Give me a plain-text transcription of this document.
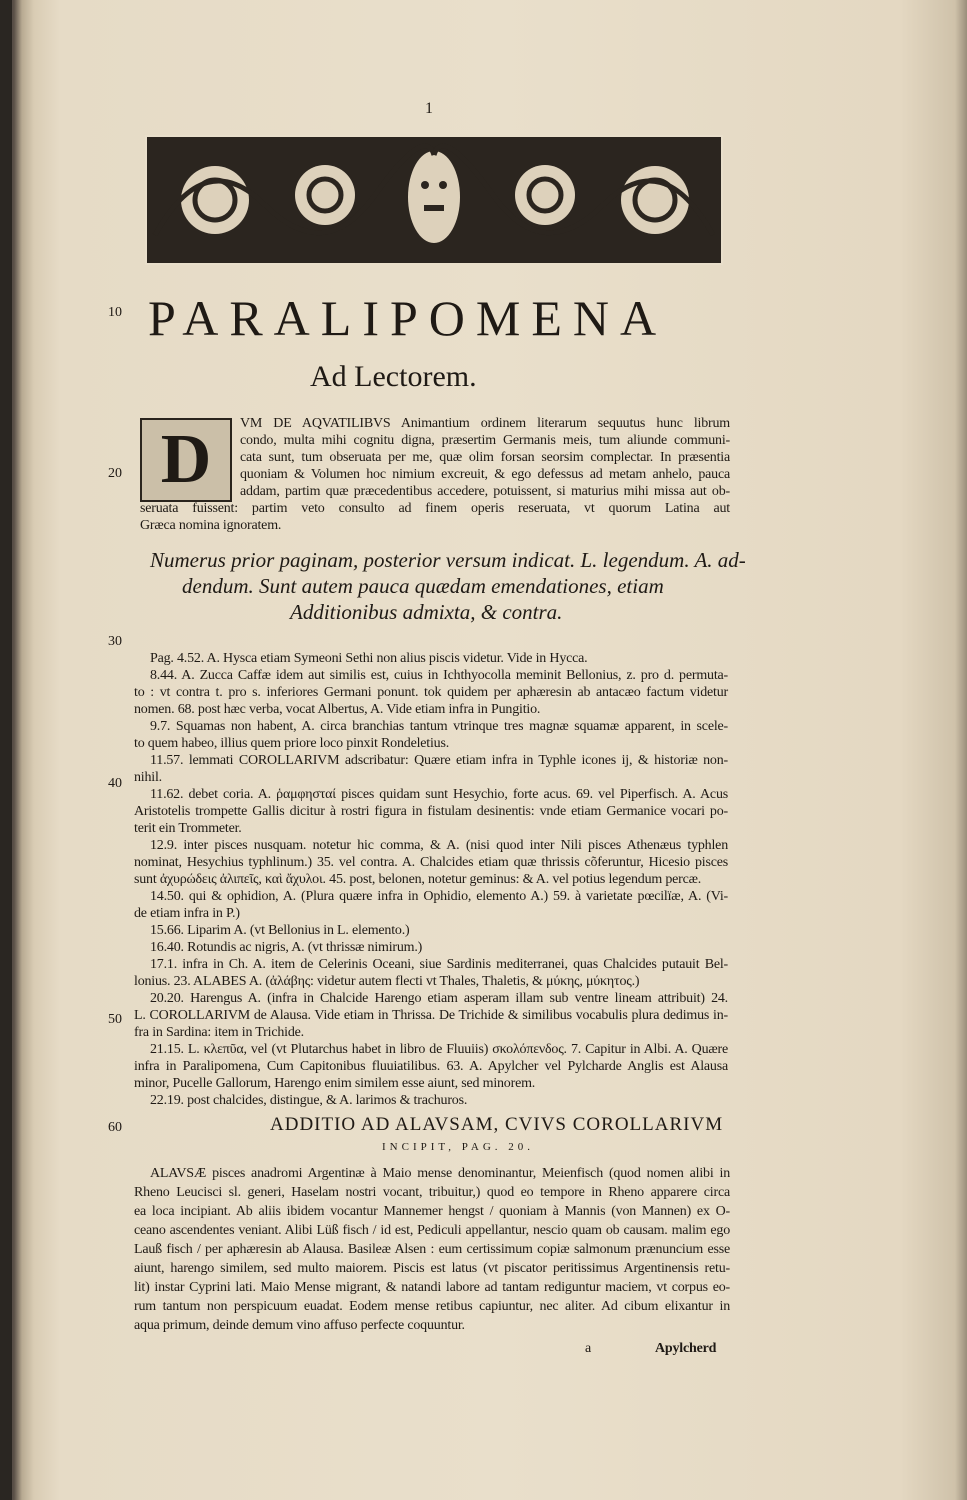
1
PARALIPOMENA
Ad Lectorem.
10
20
30
40
50
60
D	VM DE AQVATILIBVS Animantium ordinem literarum sequutus hunc librum
condo, multa mihi cognitu digna, præsertim Germanis meis, tum aliunde communi-
cata sunt, tum obseruata per me, quæ olim forsan seorsim complectar. In præsentia
quoniam & Volumen hoc nimium excreuit, & ego defessus ad metam anhelo, pauca
addam, partim quæ præcedentibus accedere, potuissent, si maturius mihi missa aut ob-
seruata fuissent: partim veto consulto ad finem operis reseruata, vt quorum Latina aut
Græca nomina ignoratem.
Numerus prior paginam, posterior versum indicat. L. legendum. A. ad-
dendum. Sunt autem pauca quædam emendationes, etiam
Additionibus admixta, & contra.
Pag. 4.52. A. Hysca etiam Symeoni Sethi non alius piscis videtur. Vide in Hycca.
8.44. A. Zucca Caffæ idem aut similis est, cuius in Ichthyocolla meminit Bellonius, z. pro d. permuta-
to : vt contra t. pro s. inferiores Germani ponunt. tok quidem per aphæresin ab antacæo factum videtur
nomen. 68. post hæc verba, vocat Albertus, A. Vide etiam infra in Pungitio.
9.7. Squamas non habent, A. circa branchias tantum vtrinque tres magnæ squamæ apparent, in scele-
to quem habeo, illius quem priore loco pinxit Rondeletius.
11.57. lemmati COROLLARIVM adscribatur: Quære etiam infra in Typhle icones ij, & historiæ non-
nihil.
11.62. debet coria. A. ῥαμφησταί pisces quidam sunt Hesychio, forte acus. 69. vel Piperfisch. A. Acus
Aristotelis trompette Gallis dicitur à rostri figura in fistulam desinentis: vnde etiam Germanice vocari po-
terit ein Trommeter.
12.9. inter pisces nusquam. notetur hic comma, & A. (nisi quod inter Nili pisces Athenæus typhlen
nominat, Hesychius typhlinum.) 35. vel contra. A. Chalcides etiam quæ thrissis cõferuntur, Hicesio pisces
sunt ἀχυρώδεις ἀλιπεῖς, καὶ ἄχυλοι. 45. post, belonen, notetur geminus: & A. vel potius legendum percæ.
14.50. qui & ophidion, A. (Plura quære infra in Ophidio, elemento A.) 59. à varietate pœcilïæ, A. (Vi-
de etiam infra in P.)
15.66. Liparim A. (vt Bellonius in L. elemento.)
16.40. Rotundis ac nigris, A. (vt thrissæ nimirum.)
17.1. infra in Ch. A. item de Celerinis Oceani, siue Sardinis mediterranei, quas Chalcides putauit Bel-
lonius. 23. ALABES A. (ἀλάβης: videtur autem flecti vt Thales, Thaletis, & μύκης, μύκητος.)
20.20. Harengus A. (infra in Chalcide Harengo etiam asperam illam sub ventre lineam attribuit) 24.
L. COROLLARIVM de Alausa. Vide etiam in Thrissa. De Trichide & similibus vocabulis plura dedimus in-
fra in Sardina: item in Trichide.
21.15. L. κλεπῦα, vel (vt Plutarchus habet in libro de Fluuiis) σκολόπενδος. 7. Capitur in Albi. A. Quære
infra in Paralipomena, Cum Capitonibus fluuiatilibus. 63. A. Apylcher vel Pylcharde Anglis est Alausa
minor, Pucelle Gallorum, Harengo enim similem esse aiunt, sed minorem.
22.19. post chalcides, distingue, & A. larimos & trachuros.
ADDITIO AD ALAVSAM, CVIVS COROLLARIVM
INCIPIT, PAG. 20.
ALAVSÆ pisces anadromi Argentinæ à Maio mense denominantur, Meienfisch (quod nomen alibi in
Rheno Leucisci sl. generi, Haselam nostri vocant, tribuitur,) quod eo tempore in Rheno apparere circa
ea loca incipiant. Ab aliis ibidem vocantur Mannemer hengst / quoniam à Mannis (von Mannen) ex O-
ceano ascendentes veniant. Alibi Lüß fisch / id est, Pediculi appellantur, nescio quam ob causam. malim ego
Lauß fisch / per aphæresin ab Alausa. Basileæ Alsen : eum certissimum copiæ salmonum prænuncium esse
aiunt, harengo similem, sed multo maiorem. Piscis est latus (vt piscator peritissimus Argentinensis retu-
lit) instar Cyprini lati. Maio Mense migrant, & natandi labore ad tantam rediguntur maciem, vt corpus eo-
rum tantum non perspicuum euadat. Eodem mense retibus capiuntur, nec aliter. Ad cibum elixantur in
aqua primum, deinde demum vino affuso perfecte coquuntur.
a	Apylcherd
